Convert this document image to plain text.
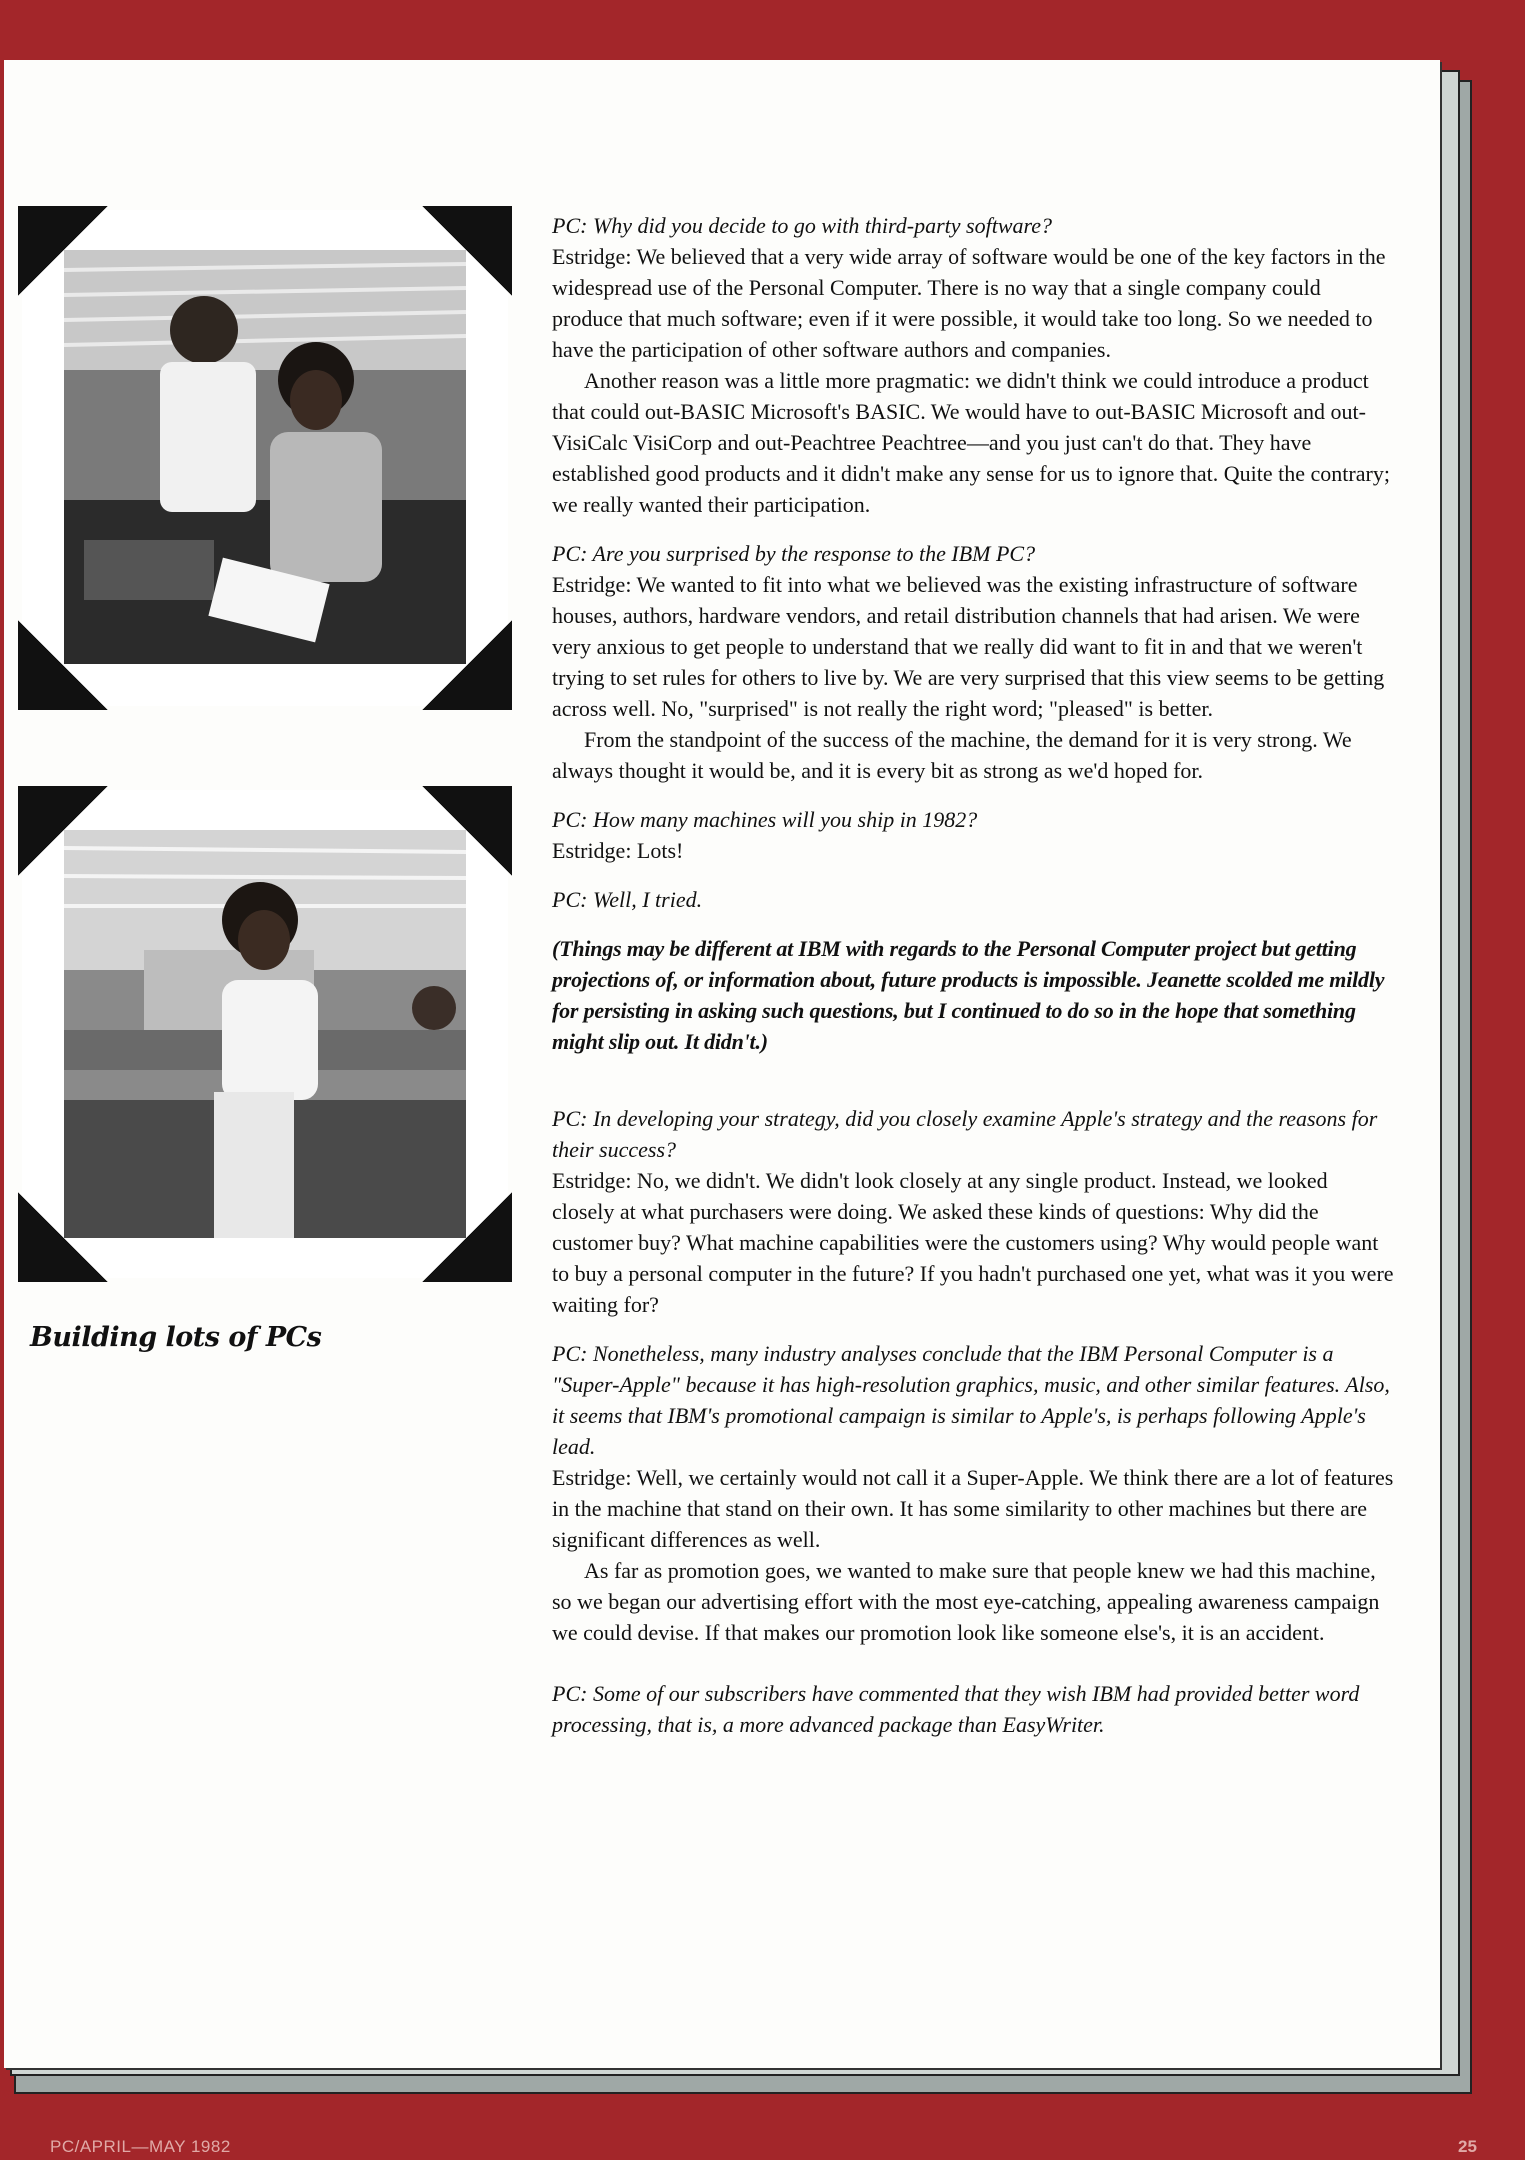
Building lots of PCs

PC: Why did you decide to go with third-party software?

Estridge: We believed that a very wide array of software would be one of the key factors in the widespread use of the Personal Computer. There is no way that a single company could produce that much software; even if it were possible, it would take too long. So we needed to have the participation of other software authors and companies.

Another reason was a little more pragmatic: we didn't think we could introduce a product that could out-BASIC Microsoft's BASIC. We would have to out-BASIC Microsoft and out-VisiCalc VisiCorp and out-Peachtree Peachtree—and you just can't do that. They have established good products and it didn't make any sense for us to ignore that. Quite the contrary; we really wanted their participation.

PC: Are you surprised by the response to the IBM PC?

Estridge: We wanted to fit into what we believed was the existing infrastructure of software houses, authors, hardware vendors, and retail distribution channels that had arisen. We were very anxious to get people to understand that we really did want to fit in and that we weren't trying to set rules for others to live by. We are very surprised that this view seems to be getting across well. No, "surprised" is not really the right word; "pleased" is better.

From the standpoint of the success of the machine, the demand for it is very strong. We always thought it would be, and it is every bit as strong as we'd hoped for.

PC: How many machines will you ship in 1982?

Estridge: Lots!

PC: Well, I tried.

(Things may be different at IBM with regards to the Personal Computer project but getting projections of, or information about, future products is impossible. Jeanette scolded me mildly for persisting in asking such questions, but I continued to do so in the hope that something might slip out. It didn't.)

PC: In developing your strategy, did you closely examine Apple's strategy and the reasons for their success?

Estridge: No, we didn't. We didn't look closely at any single product. Instead, we looked closely at what purchasers were doing. We asked these kinds of questions: Why did the customer buy? What machine capabilities were the customers using? Why would people want to buy a personal computer in the future? If you hadn't purchased one yet, what was it you were waiting for?

PC: Nonetheless, many industry analyses conclude that the IBM Personal Computer is a "Super-Apple" because it has high-resolution graphics, music, and other similar features. Also, it seems that IBM's promotional campaign is similar to Apple's, is perhaps following Apple's lead.

Estridge: Well, we certainly would not call it a Super-Apple. We think there are a lot of features in the machine that stand on their own. It has some similarity to other machines but there are significant differences as well.

As far as promotion goes, we wanted to make sure that people knew we had this machine, so we began our advertising effort with the most eye-catching, appealing awareness campaign we could devise. If that makes our promotion look like someone else's, it is an accident.

PC: Some of our subscribers have commented that they wish IBM had provided better word processing, that is, a more advanced package than EasyWriter.

PC/APRIL—MAY 1982	25
